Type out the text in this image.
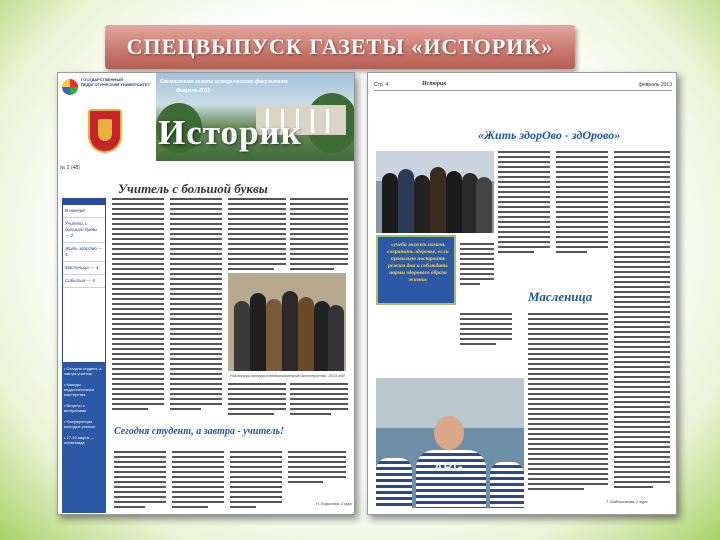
СПЕЦВЫПУСК ГАЗЕТЫ «ИСТОРИК»
ГОСУДАРСТВЕННЫЙ ПЕДАГОГИЧЕСКИЙ УНИВЕРСИТЕТ	Ежемесячная газета исторического факультета
Февраль 2013
Историк
№ 2 (48)
Учитель с большой буквы
В номере:
Учитель с большой буквы — 2
Жить здорОво — 4
Масленица — 4
События — 4
• Сегодня студент, а завтра учитель
• Конкурс педагогического мастерства
• Встречи с ветеранами
• Конференция молодых ученых
• 27-29 марта — олимпиада
Участники конкурса педагогического мастерства, 2013 год
Сегодня студент, а завтра - учитель!
Н. Борисова, 2 курс
Стр. 4	Историк	февраль 2013
«Жить здорОво - здОрово»
«учеба может помочь сохранить здоровье, если правильно построить режим дня и соблюдать нормы здорового образа жизни»
Масленица
ARG
Т. Кадочникова, 2 курс
